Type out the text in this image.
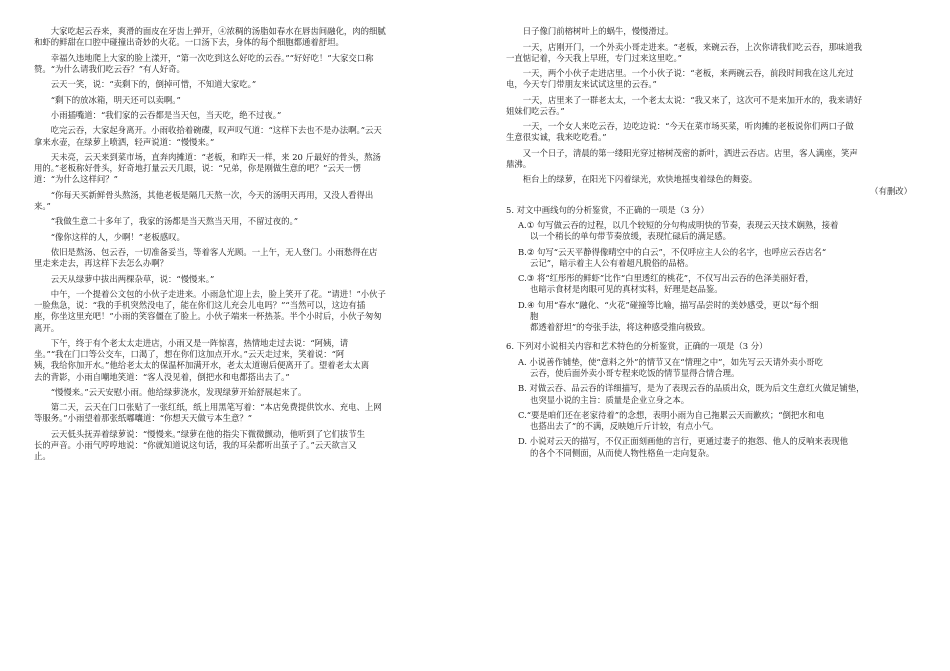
　　大家吃起云吞来，爽滑的面皮在牙齿上弹开，④浓稠的汤脂如春水在唇齿间融化，肉的细腻
和虾的鲜甜在口腔中碰撞出奇妙的火花。一口汤下去，身体的每个细胞都通着舒坦。
　　幸福久违地爬上大家的脸上漾开，“第一次吃到这么好吃的云吞。”“好好吃！”大家交口称
赞。“为什么请我们吃云吞？”有人好奇。
　　云天一笑，说：“卖剩下的，倒掉可惜，不知道大家吃。”
　　“剩下的放冰箱，明天还可以卖啊。”
　　小雨插嘴道：“我们家的云吞都是当天包，当天吃，绝不过夜。”
　　吃完云吞，大家起身离开。小雨收拾着碗碟，叹声叹气道：“这样下去也不是办法啊。”云天
拿来水壶，在绿萝上喷洒，轻声说道：“慢慢来。”
　　天未亮，云天来到菜市场，直奔肉摊道：“老板，和昨天一样，来 20 斤最好的骨头，熬汤
用的。”老板称好骨头，好奇地打量云天几眼，说：“兄弟，你是刚做生意的吧？”云天一愣
道：“为什么这样问？”
　　“你每天买新鲜骨头熬汤，其他老板是隔几天熬一次，今天的汤明天再用，又没人看得出
来。”
　　“我做生意二十多年了，我家的汤都是当天熬当天用，不留过夜的。”
　　“像你这样的人，少啊！”老板感叹。
　　依旧是熬汤、包云吞，一切准备妥当，等着客人光顾。一上午，无人登门。小雨愁得在店
里走来走去，再这样下去怎么办啊？
　　云天从绿萝中拔出两棵杂草，说：“慢慢来。”
　　中午，一个提着公文包的小伙子走进来。小雨急忙迎上去，脸上笑开了花。“请进！”小伙子
一脸焦急，说：“我的手机突然没电了，能在你们这儿充会儿电吗？”“当然可以，这边有插
座，你坐这里充吧！”小雨的笑容僵在了脸上。小伙子端来一杯热茶。半个小时后，小伙子匆匆
离开。
　　下午，终于有个老太太走进店，小雨又是一阵惊喜，热情地走过去说：“阿姨，请
坐。”“我在门口等公交车，口渴了，想在你们这加点开水。”云天走过来，笑着说：“阿
姨，我给你加开水。”他给老太太的保温杯加满开水，老太太道谢后便离开了。望着老太太离
去的背影，小雨自嘲地笑道：“客人没见着，倒把水和电都搭出去了。”
　　“慢慢来。”云天安慰小雨。他给绿萝浇水，发现绿萝开始舒展起来了。
　　第二天，云天在门口张贴了一张红纸，纸上用黑笔写着：“本店免费提供饮水、充电、上网
等服务。”小雨望着那张纸嘟囔道：“你想天天做亏本生意？”
　　云天低头抚弄着绿萝说：“慢慢来。”绿萝在他的指尖下微微颤动，他听到了它们拔节生
长的声音。小雨气哼哼地说：“你就知道说这句话，我的耳朵都听出茧子了。”云天欲言又
止。
　　日子像门前榕树叶上的蜗牛，慢慢滑过。
　　一天，店刚开门，一个外卖小哥走进来。“老板，来碗云吞，上次你请我们吃云吞，那味道我
一直惦记着，今天我上早班，专门过来这里吃。”
　　一天，两个小伙子走进店里。一个小伙子说：“老板，来两碗云吞，前段时间我在这儿充过
电，今天专门带朋友来试试这里的云吞。”
　　一天，店里来了一群老太太，一个老太太说：“我又来了，这次可不是来加开水的，我来请好
姐妹们吃云吞。”
　　一天，一个女人来吃云吞，边吃边说：“今天在菜市场买菜，听肉摊的老板说你们两口子做
生意很实诚，我来吃吃看。”
　　又一个日子，清晨的第一缕阳光穿过榕树茂密的新叶，洒进云吞店。店里，客人满座，笑声
鼎沸。
　　柜台上的绿萝，在阳光下闪着绿光，欢快地摇曳着绿色的舞姿。
（有删改）
5. 对文中画线句的分析鉴赏，不正确的一项是（3 分）
A.① 句写做云吞的过程，以几个较短的分句构成明快的节奏，表现云天技术娴熟，接着
以一个稍长的单句带节奏放缓，表现忙碌后的满足感。
B.② 句写“云天平静得像晴空中的白云”，不仅呼应主人公的名字，也呼应云吞店名“
云记”，暗示着主人公有着超凡脱俗的品格。
C.③ 将“红彤彤的鲜虾”比作“白里透红的桃花”，不仅写出云吞的色泽美丽好看，
也暗示食材是肉眼可见的真材实料，好理是赵品鉴。
D.④ 句用“春水”融化、“火花”碰撞等比喻，描写品尝时的美妙感受，更以“每个细
胞
都透着舒坦”的夸张手法，将这种感受推向极致。
6. 下列对小说相关内容和艺术特色的分析鉴赏，正确的一项是（3 分）
A. 小说善作铺垫，使“意料之外”的情节又在“情理之中”，如先写云天请外卖小哥吃
云吞，使后面外卖小哥专程来吃饭的情节显得合情合理。
B. 对做云吞、品云吞的详细描写，是为了表现云吞的品质出众，既为后文生意红火做足铺垫，
也突显小说的主旨：质量是企业立身之本。
C.“要是咱们还在老家待着”的念想，表明小雨为自己拖累云天而歉疚；“倒把水和电
也搭出去了”的不满，反映她斤斤计较，有点小气。
D. 小说对云天的描写，不仅正面刻画他的言行，更通过妻子的抱怨、他人的反响来表现他
的各个不同侧面，从而使人物性格鱼一走向复杂。
